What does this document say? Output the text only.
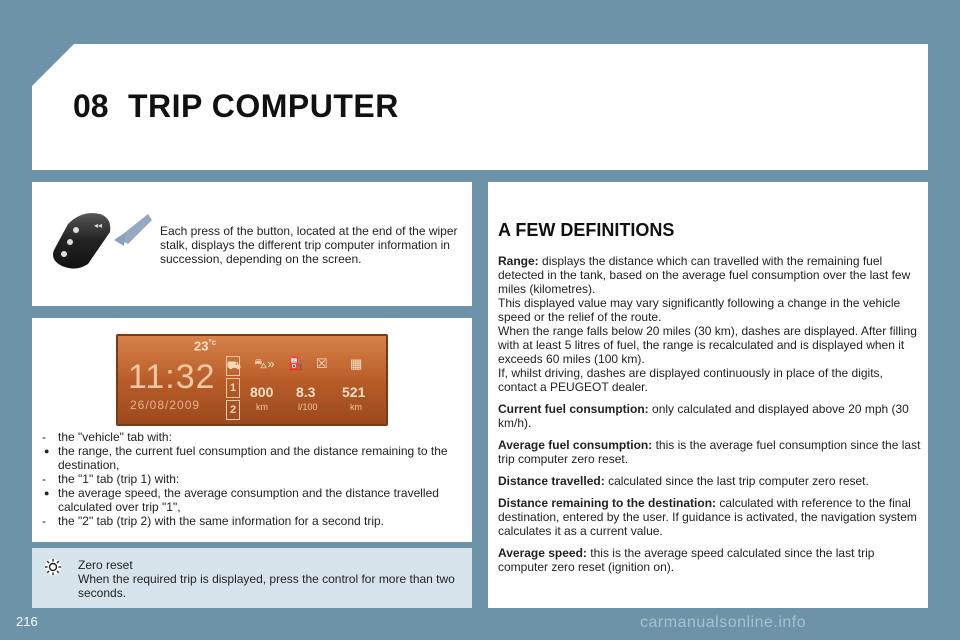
08 TRIP COMPUTER
◂◂	Each press of the button, located at the end of the wiper stalk, displays the different trip computer information in succession, depending on the screen.
$23^{^\circ c}$
11:32
26/08/2009
⛟
1
2
⛍» ⛽ ☒ ▦
800
km
8.3
l/100
521
km
-	the "vehicle" tab with:
● the range, the current fuel consumption and the distance remaining to the destination,
-	the "1" tab (trip 1) with:
● the average speed, the average consumption and the distance travelled calculated over trip "1",
-	the "2" tab (trip 2) with the same information for a second trip.
Zero reset
When the required trip is displayed, press the control for more than two seconds.
A FEW DEFINITIONS
Range: displays the distance which can travelled with the remaining fuel detected in the tank, based on the average fuel consumption over the last few miles (kilometres).
This displayed value may vary significantly following a change in the vehicle speed or the relief of the route.
When the range falls below 20 miles (30 km), dashes are displayed. After filling with at least 5 litres of fuel, the range is recalculated and is displayed when it exceeds 60 miles (100 km).
If, whilst driving, dashes are displayed continuously in place of the digits, contact a PEUGEOT dealer.
Current fuel consumption: only calculated and displayed above 20 mph (30 km/h).
Average fuel consumption: this is the average fuel consumption since the last trip computer zero reset.
Distance travelled: calculated since the last trip computer zero reset.
Distance remaining to the destination: calculated with reference to the final destination, entered by the user. If guidance is activated, the navigation system calculates it as a current value.
Average speed: this is the average speed calculated since the last trip computer zero reset (ignition on).
216	carmanualsonline.info
